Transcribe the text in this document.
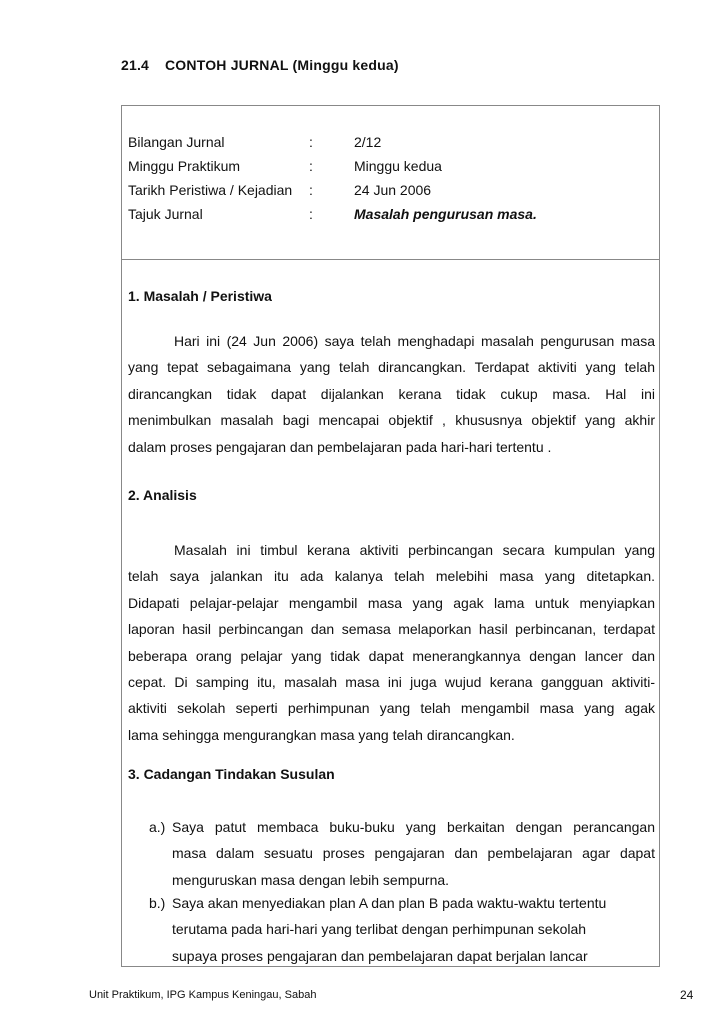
21.4 CONTOH JURNAL (Minggu kedua)
Bilangan Jurnal	:	2/12
Minggu Praktikum	:	Minggu kedua
Tarikh Peristiwa / Kejadian	:	24 Jun 2006
Tajuk Jurnal	:	Masalah pengurusan masa.
1. Masalah / Peristiwa
Hari ini (24 Jun 2006) saya telah menghadapi masalah pengurusan masa
yang tepat sebagaimana yang telah dirancangkan. Terdapat aktiviti yang telah
dirancangkan tidak dapat dijalankan kerana tidak cukup masa. Hal ini
menimbulkan masalah bagi mencapai objektif , khususnya objektif yang akhir
dalam proses pengajaran dan pembelajaran pada hari-hari tertentu .
2. Analisis
Masalah ini timbul kerana aktiviti perbincangan secara kumpulan yang
telah saya jalankan itu ada kalanya telah melebihi masa yang ditetapkan.
Didapati pelajar-pelajar mengambil masa yang agak lama untuk menyiapkan
laporan hasil perbincangan dan semasa melaporkan hasil perbincanan, terdapat
beberapa orang pelajar yang tidak dapat menerangkannya dengan lancer dan
cepat. Di samping itu, masalah masa ini juga wujud kerana gangguan aktiviti-
aktiviti sekolah seperti perhimpunan yang telah mengambil masa yang agak
lama sehingga mengurangkan masa yang telah dirancangkan.
3. Cadangan Tindakan Susulan
a.) Saya patut membaca buku-buku yang berkaitan dengan perancangan
masa dalam sesuatu proses pengajaran dan pembelajaran agar dapat
menguruskan masa dengan lebih sempurna.
b.) Saya akan menyediakan plan A dan plan B pada waktu-waktu tertentu
terutama pada hari-hari yang terlibat dengan perhimpunan sekolah
supaya proses pengajaran dan pembelajaran dapat berjalan lancar
Unit Praktikum, IPG Kampus Keningau, Sabah	24
